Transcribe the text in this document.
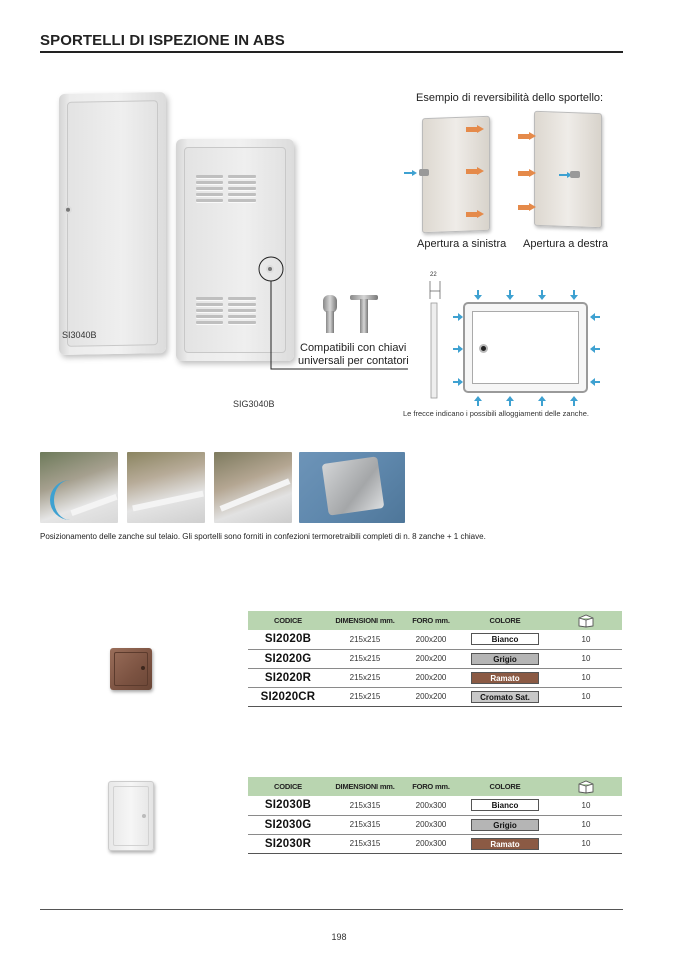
SPORTELLI DI ISPEZIONE IN ABS
SI3040B
SIG3040B
Compatibili con chiavi
universali per contatori
Esempio di reversibilità dello sportello:
Apertura a sinistra Apertura a destra
22
Le frecce indicano i possibili alloggiamenti delle zanche.
Posizionamento delle zanche sul telaio. Gli sportelli sono forniti in confezioni termoretraibili completi di n. 8 zanche + 1 chiave.
CODICE	DIMENSIONI mm.	FORO mm.	COLORE	
SI2020B	215x215	200x200	Bianco	10
SI2020G	215x215	200x200	Grigio	10
SI2020R	215x215	200x200	Ramato	10
SI2020CR	215x215	200x200	Cromato Sat.	10
CODICE	DIMENSIONI mm.	FORO mm.	COLORE	
SI2030B	215x315	200x300	Bianco	10
SI2030G	215x315	200x300	Grigio	10
SI2030R	215x315	200x300	Ramato	10
198
